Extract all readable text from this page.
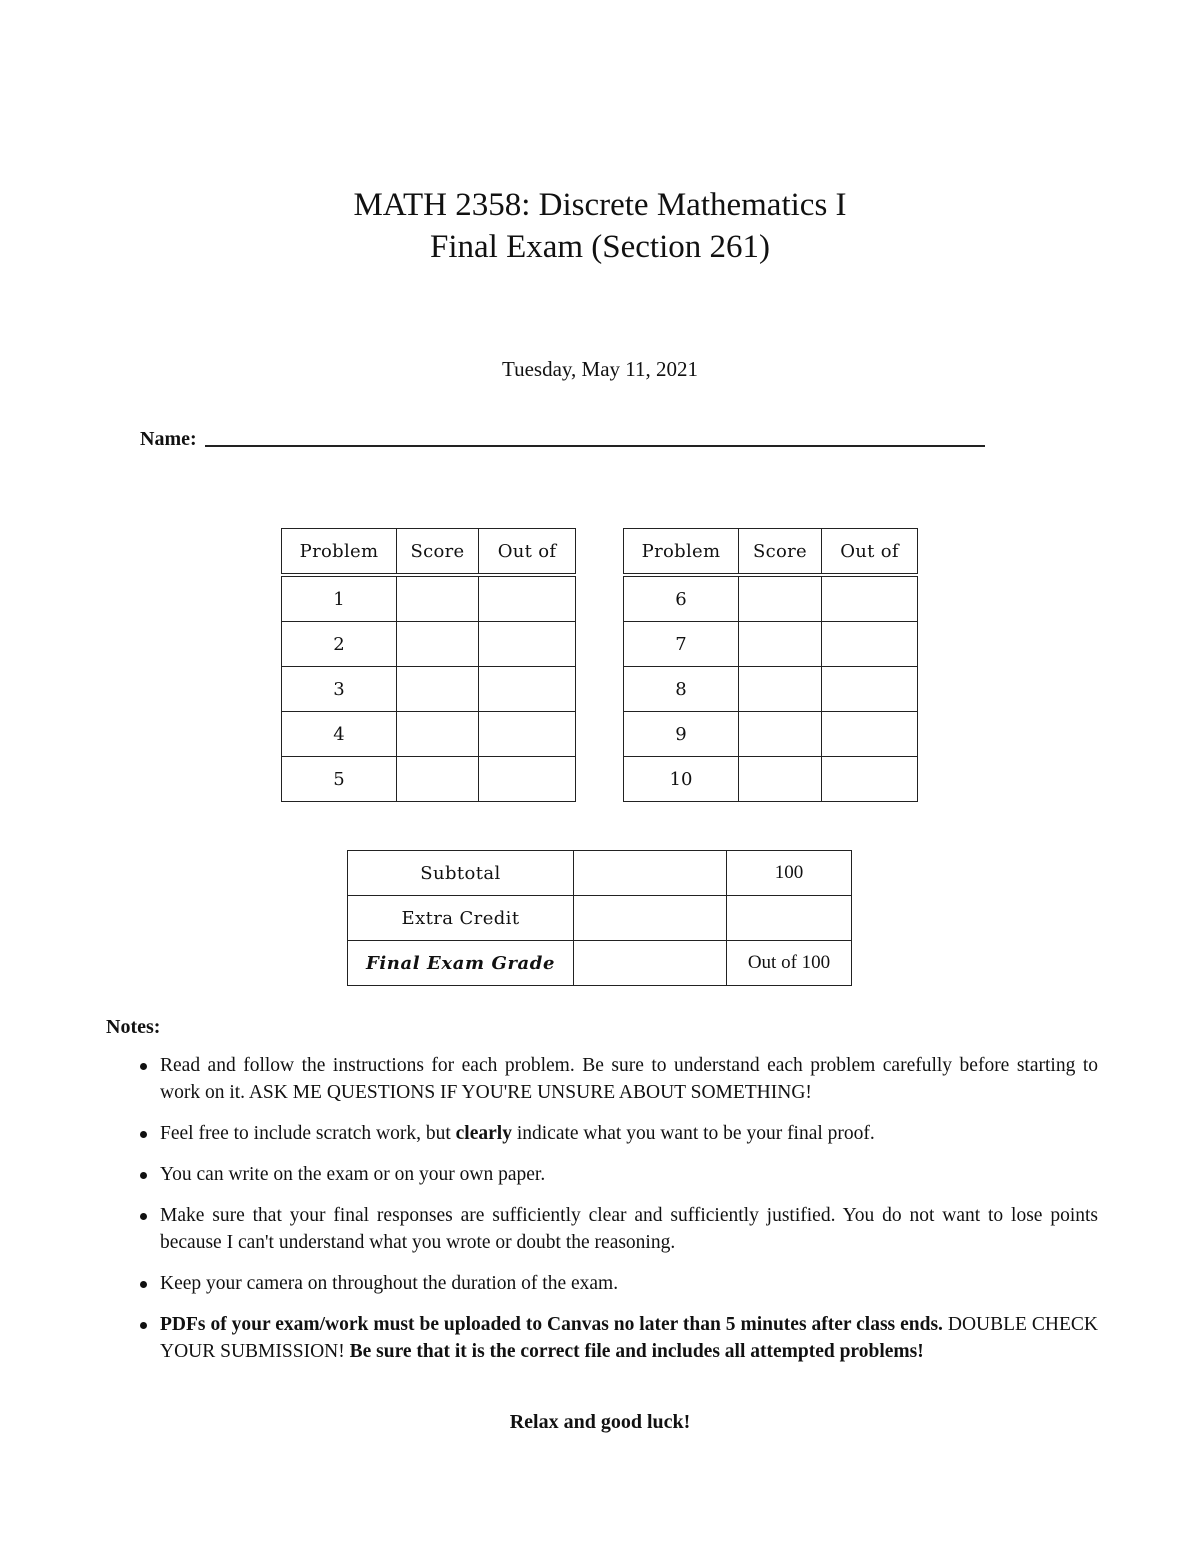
MATH 2358: Discrete Mathematics I
Final Exam (Section 261)
Tuesday, May 11, 2021
Name:
Problem	Score	Out of

1		
2		
3		
4		
5		
Problem	Score	Out of

6		
7		
8		
9		
10		
Subtotal		100
Extra Credit		
Final Exam Grade		Out of 100
Notes:
Read and follow the instructions for each problem. Be sure to understand each problem carefully before starting to work on it. ASK ME QUESTIONS IF YOU'RE UNSURE ABOUT SOMETHING!
Feel free to include scratch work, but clearly indicate what you want to be your final proof.
You can write on the exam or on your own paper.
Make sure that your final responses are sufficiently clear and sufficiently justified. You do not want to lose points because I can't understand what you wrote or doubt the reasoning.
Keep your camera on throughout the duration of the exam.
PDFs of your exam/work must be uploaded to Canvas no later than 5 minutes after class ends. DOUBLE CHECK YOUR SUBMISSION! Be sure that it is the correct file and includes all attempted problems!
Relax and good luck!
